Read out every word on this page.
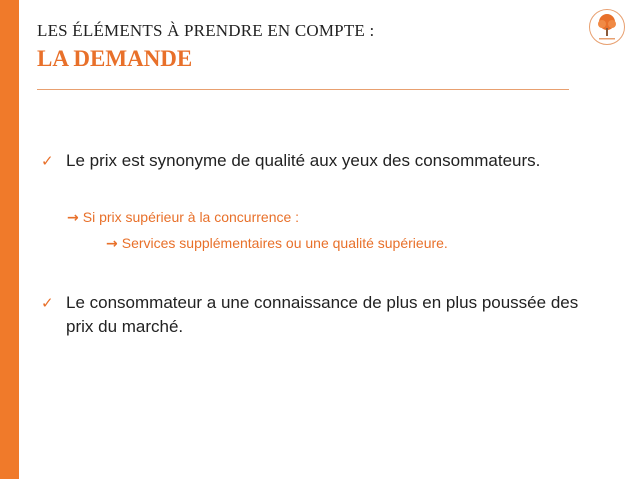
LES ÉLÉMENTS À PRENDRE EN COMPTE :
LA DEMANDE
✓ Le prix est synonyme de qualité aux yeux des consommateurs.
→ Si prix supérieur à la concurrence :
→ Services supplémentaires ou une qualité supérieure.
✓ Le consommateur a une connaissance de plus en plus poussée des prix du marché.
